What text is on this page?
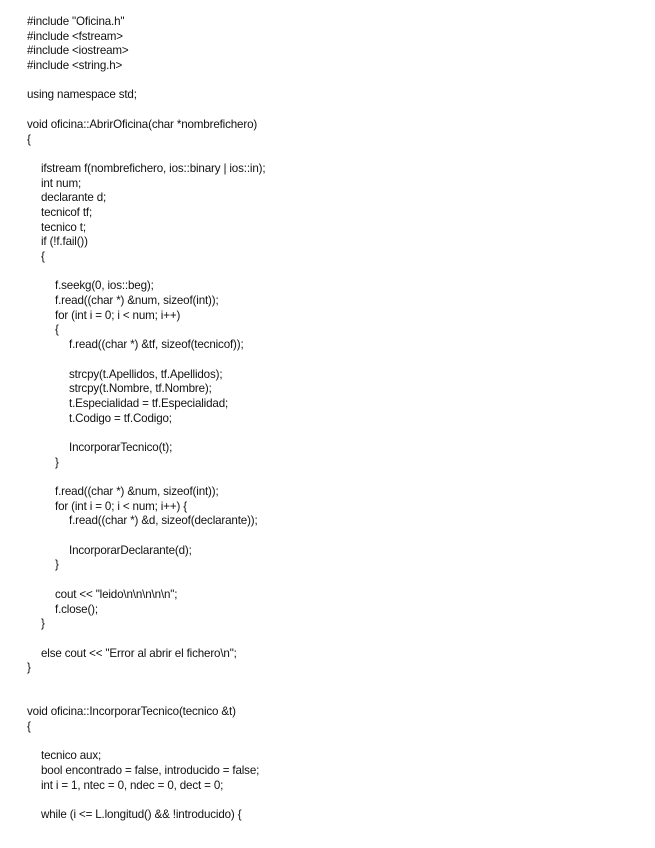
#include "Oficina.h"
#include <fstream>
#include <iostream>
#include <string.h>
using namespace std;
void oficina::AbrirOficina(char *nombrefichero)
{
ifstream f(nombrefichero, ios::binary | ios::in);
int num;
declarante d;
tecnicof tf;
tecnico t;
if (!f.fail())
{
f.seekg(0, ios::beg);
f.read((char *) &num, sizeof(int));
for (int i = 0; i < num; i++)
{
f.read((char *) &tf, sizeof(tecnicof));
strcpy(t.Apellidos, tf.Apellidos);
strcpy(t.Nombre, tf.Nombre);
t.Especialidad = tf.Especialidad;
t.Codigo = tf.Codigo;
IncorporarTecnico(t);
}
f.read((char *) &num, sizeof(int));
for (int i = 0; i < num; i++) {
f.read((char *) &d, sizeof(declarante));
IncorporarDeclarante(d);
}
cout << "leido\n\n\n\n\n";
f.close();
}
else cout << "Error al abrir el fichero\n";
}
void oficina::IncorporarTecnico(tecnico &t)
{
tecnico aux;
bool encontrado = false, introducido = false;
int i = 1, ntec = 0, ndec = 0, dect = 0;
while (i <= L.longitud() && !introducido) {
